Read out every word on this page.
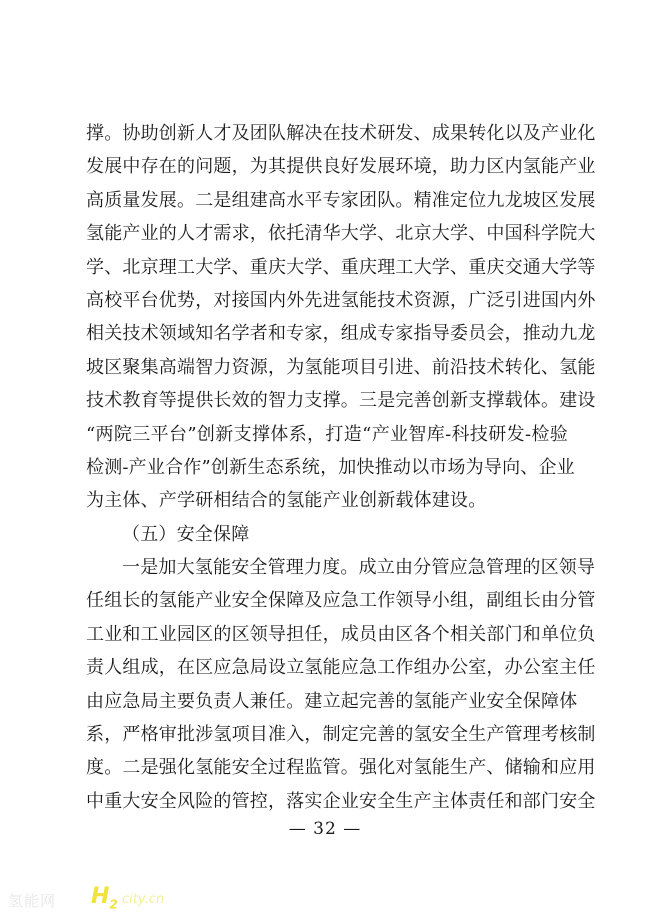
撑。协助创新人才及团队解决在技术研发、成果转化以及产业化
发展中存在的问题，为其提供良好发展环境，助力区内氢能产业
高质量发展。二是组建高水平专家团队。精准定位九龙坡区发展
氢能产业的人才需求，依托清华大学、北京大学、中国科学院大
学、北京理工大学、重庆大学、重庆理工大学、重庆交通大学等
高校平台优势，对接国内外先进氢能技术资源，广泛引进国内外
相关技术领域知名学者和专家，组成专家指导委员会，推动九龙
坡区聚集高端智力资源，为氢能项目引进、前沿技术转化、氢能
技术教育等提供长效的智力支撑。三是完善创新支撑载体。建设
“两院三平台”创新支撑体系，打造“产业智库-科技研发-检验
检测-产业合作”创新生态系统，加快推动以市场为导向、企业
为主体、产学研相结合的氢能产业创新载体建设。
（五）安全保障
一是加大氢能安全管理力度。成立由分管应急管理的区领导
任组长的氢能产业安全保障及应急工作领导小组，副组长由分管
工业和工业园区的区领导担任，成员由区各个相关部门和单位负
责人组成，在区应急局设立氢能应急工作组办公室，办公室主任
由应急局主要负责人兼任。建立起完善的氢能产业安全保障体
系，严格审批涉氢项目准入，制定完善的氢安全生产管理考核制
度。二是强化氢能安全过程监管。强化对氢能生产、储输和应用
中重大安全风险的管控，落实企业安全生产主体责任和部门安全
— 32 —
氢能网 $H_2$ city.cn
